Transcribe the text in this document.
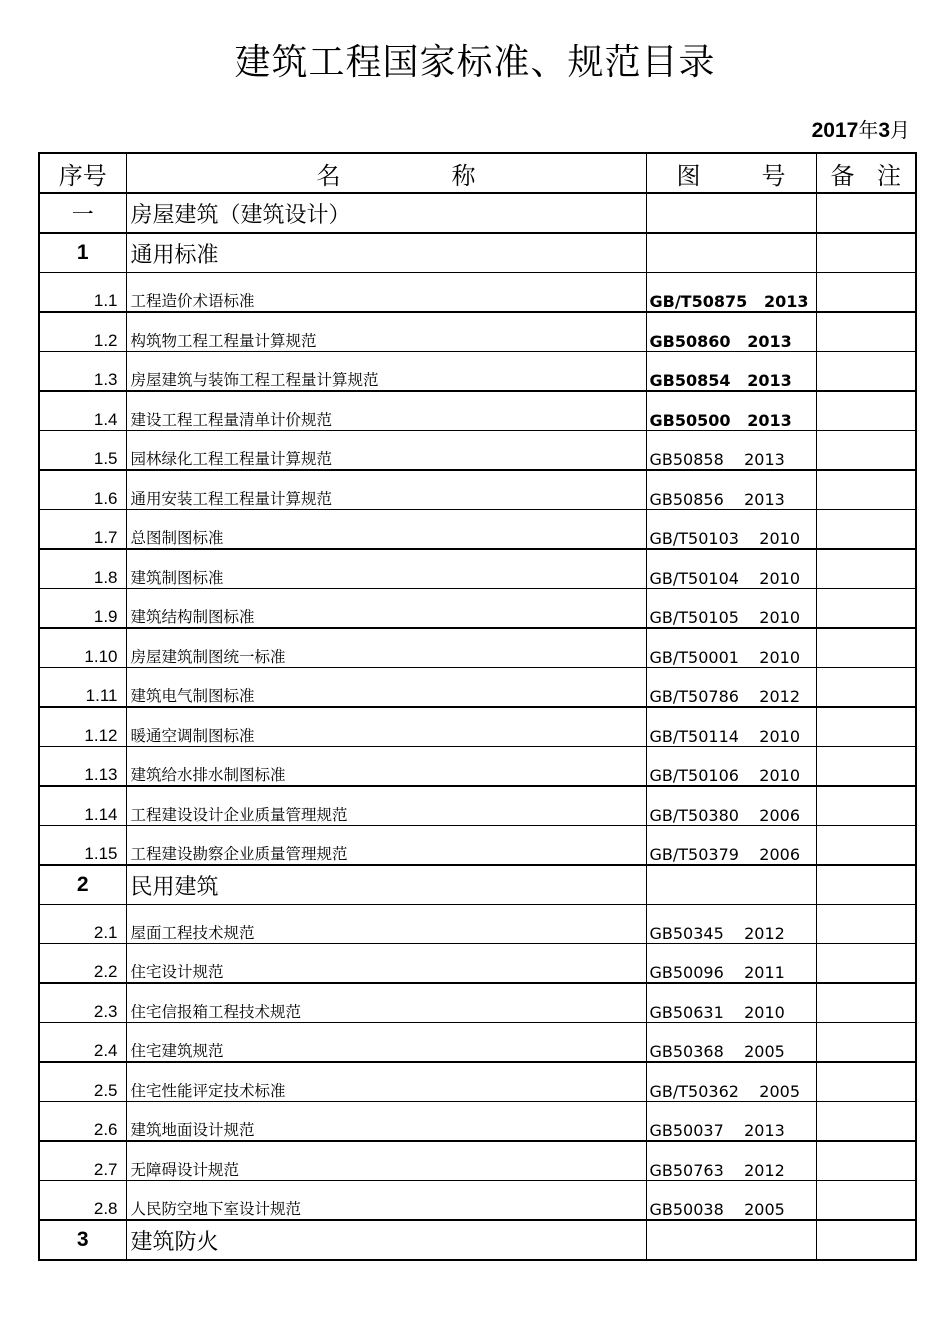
建筑工程国家标准、规范目录
2017年3月
序号	名 称	图 号	备 注

一	房屋建筑（建筑设计）		
1	通用标准		
1.1	工程造价术语标准	GB/T50875   2013	
1.2	构筑物工程工程量计算规范	GB50860   2013	
1.3	房屋建筑与装饰工程工程量计算规范	GB50854   2013	
1.4	建设工程工程量清单计价规范	GB50500   2013	
1.5	园林绿化工程工程量计算规范	GB50858    2013	
1.6	通用安装工程工程量计算规范	GB50856    2013	
1.7	总图制图标准	GB/T50103    2010	
1.8	建筑制图标准	GB/T50104    2010	
1.9	建筑结构制图标准	GB/T50105    2010	
1.10	房屋建筑制图统一标准	GB/T50001    2010	
1.11	建筑电气制图标准	GB/T50786    2012	
1.12	暖通空调制图标准	GB/T50114    2010	
1.13	建筑给水排水制图标准	GB/T50106    2010	
1.14	工程建设设计企业质量管理规范	GB/T50380    2006	
1.15	工程建设勘察企业质量管理规范	GB/T50379    2006	
2	民用建筑		
2.1	屋面工程技术规范	GB50345    2012	
2.2	住宅设计规范	GB50096    2011	
2.3	住宅信报箱工程技术规范	GB50631    2010	
2.4	住宅建筑规范	GB50368    2005	
2.5	住宅性能评定技术标准	GB/T50362    2005	
2.6	建筑地面设计规范	GB50037    2013	
2.7	无障碍设计规范	GB50763    2012	
2.8	人民防空地下室设计规范	GB50038    2005	
3	建筑防火		
